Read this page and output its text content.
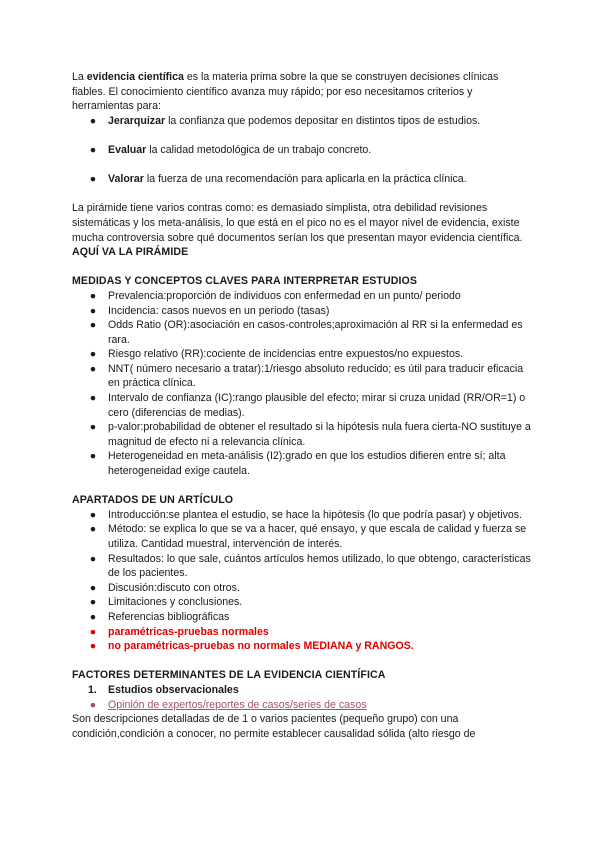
La evidencia científica es la materia prima sobre la que se construyen decisiones clínicas fiables. El conocimiento científico avanza muy rápido; por eso necesitamos criterios y herramientas para:

● Jerarquizar la confianza que podemos depositar en distintos tipos de estudios.
● Evaluar la calidad metodológica de un trabajo concreto.
● Valorar la fuerza de una recomendación para aplicarla en la práctica clínica.

La pirámide tiene varios contras como: es demasiado simplista, otra debilidad revisiones sistemáticas y los meta-análisis, lo que está en el pico no es el mayor nivel de evidencia, existe mucha controversia sobre qué documentos serían los que presentan mayor evidencia científica.

AQUÍ VA LA PIRÁMIDE
MEDIDAS Y CONCEPTOS CLAVES PARA INTERPRETAR ESTUDIOS
● Prevalencia:proporción de individuos con enfermedad en un punto/ periodo
● Incidencia: casos nuevos en un periodo (tasas)
● Odds Ratio (OR):asociación en casos-controles;aproximación al RR si la enfermedad es rara.
● Riesgo relativo (RR):cociente de incidencias entre expuestos/no expuestos.
● NNT( número necesario a tratar):1/riesgo absoluto reducido; es útil para traducir eficacia en práctica clínica.
● Intervalo de confianza (IC):rango plausible del efecto; mirar si cruza unidad (RR/OR=1) o cero (diferencias de medias).
● p-valor:probabilidad de obtener el resultado si la hipótesis nula fuera cierta-NO sustituye a magnitud de efecto ni a relevancia clínica.
● Heterogeneidad en meta-análisis (I2):grado en que los estudios difieren entre sí; alta heterogeneidad exige cautela.
APARTADOS DE UN ARTÍCULO
● Introducción:se plantea el estudio, se hace la hipótesis (lo que podría pasar) y objetivos.
● Método: se explica lo que se va a hacer, qué ensayo, y que escala de calidad y fuerza se utiliza. Cantidad muestral, intervención de interés.
● Resultados: lo que sale, cuántos artículos hemos utilizado, lo que obtengo, características de los pacientes.
● Discusión:discuto con otros.
● Limitaciones y conclusiones.
● Referencias bibliográficas
● paramétricas-pruebas normales
● no paramétricas-pruebas no normales MEDIANA y RANGOS.
FACTORES DETERMINANTES DE LA EVIDENCIA CIENTÍFICA
1. Estudios observacionales
● Opinión de expertos/reportes de casos/series de casos

Son descripciones detalladas de de 1 o varios pacientes (pequeño grupo) con una condición,condición a conocer, no permite establecer causalidad sólida (alto riesgo de
